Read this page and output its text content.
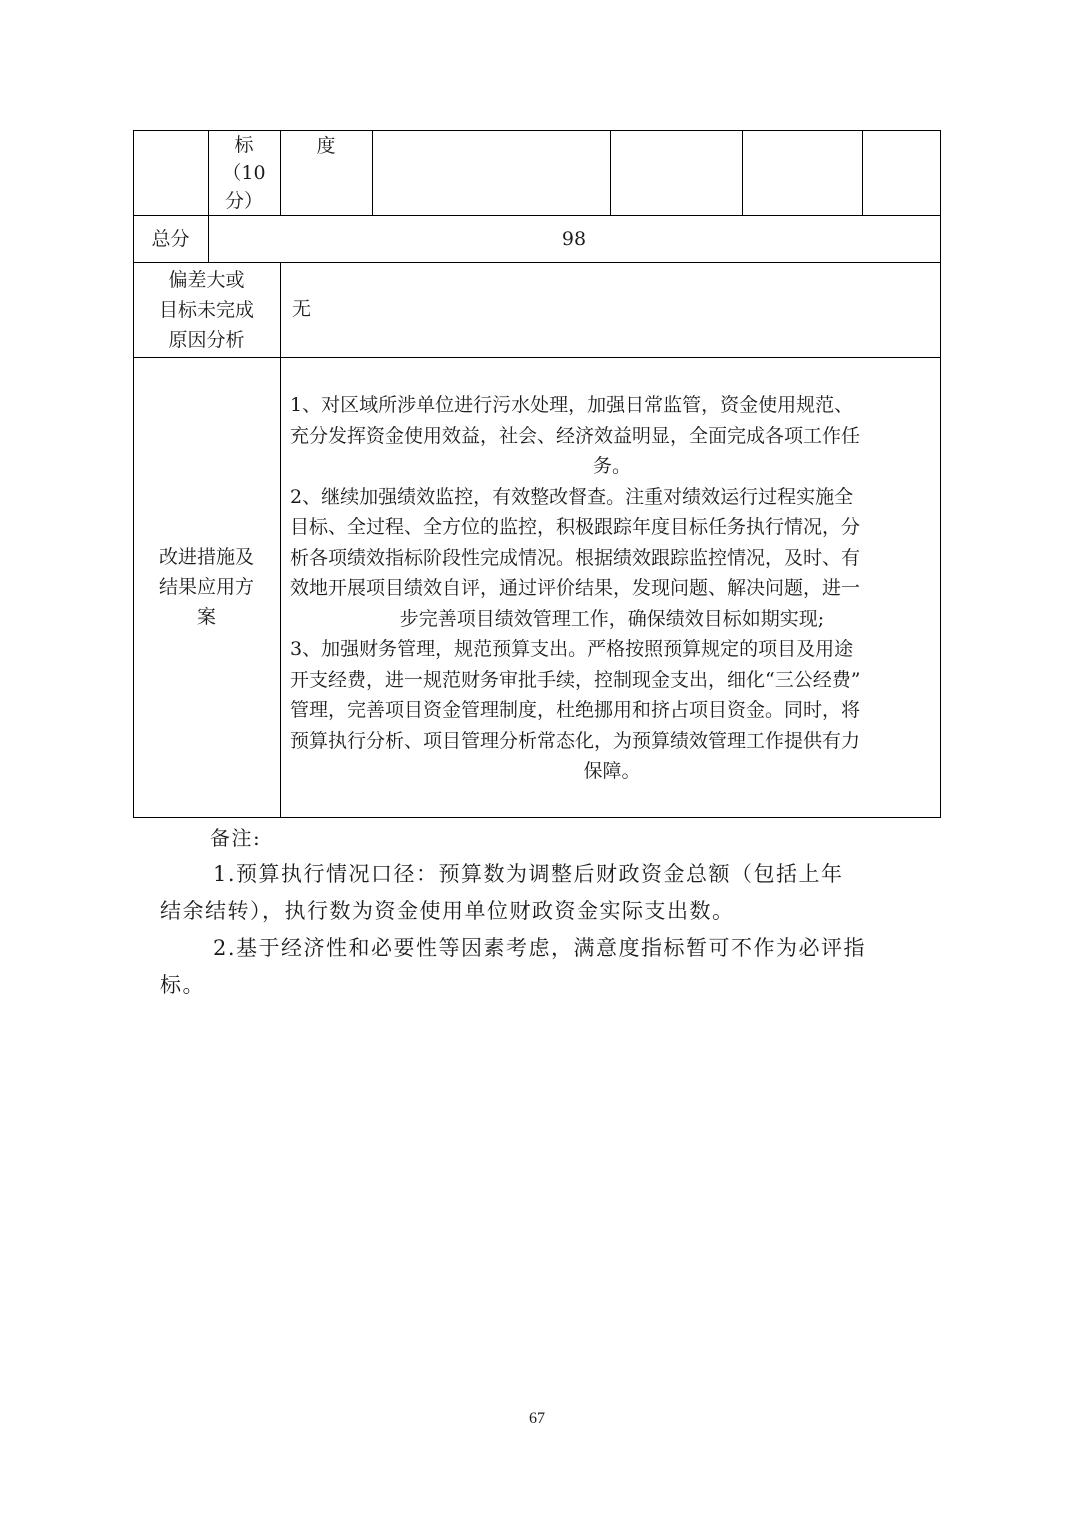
标
（10
分）
度
总分	98
偏差大或
目标未完成
原因分析
无
改进措施及
结果应用方
案
1、对区域所涉单位进行污水处理，加强日常监管，资金使用规范、
充分发挥资金使用效益，社会、经济效益明显，全面完成各项工作任
务。
2、继续加强绩效监控，有效整改督查。注重对绩效运行过程实施全
目标、全过程、全方位的监控，积极跟踪年度目标任务执行情况，分
析各项绩效指标阶段性完成情况。根据绩效跟踪监控情况，及时、有
效地开展项目绩效自评，通过评价结果，发现问题、解决问题，进一
步完善项目绩效管理工作，确保绩效目标如期实现;
3、加强财务管理，规范预算支出。严格按照预算规定的项目及用途
开支经费，进一规范财务审批手续，控制现金支出，细化“三公经费”
管理，完善项目资金管理制度，杜绝挪用和挤占项目资金。同时，将
预算执行分析、项目管理分析常态化，为预算绩效管理工作提供有力
保障。
备注:
1.预算执行情况口径：预算数为调整后财政资金总额（包括上年
结余结转），执行数为资金使用单位财政资金实际支出数。
2.基于经济性和必要性等因素考虑，满意度指标暂可不作为必评指
标。
67
